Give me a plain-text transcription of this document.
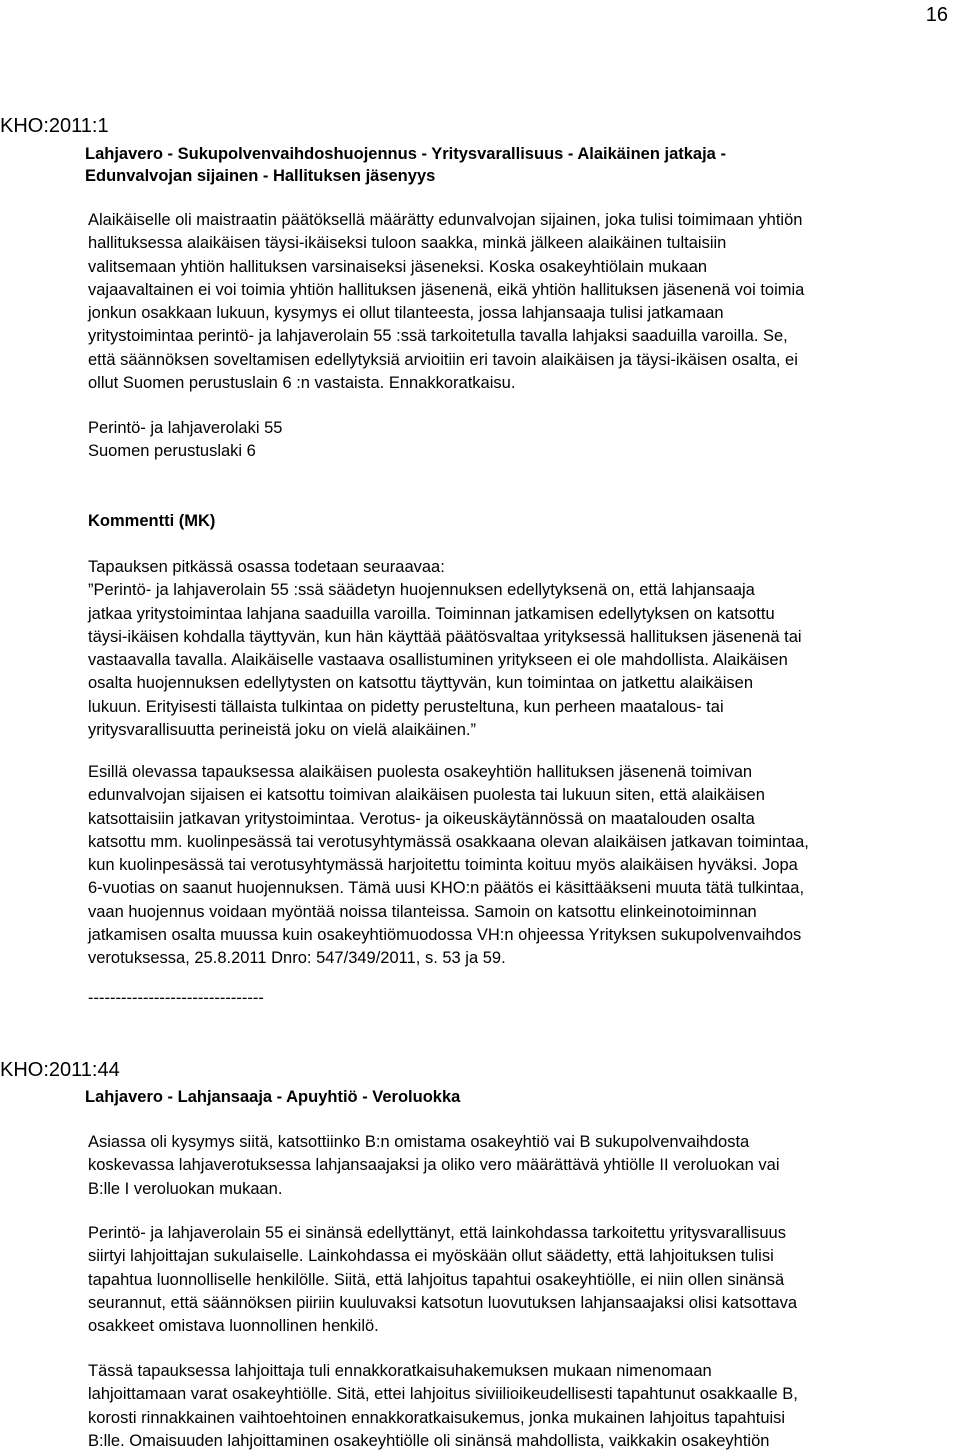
16
KHO:2011:1
Lahjavero - Sukupolvenvaihdoshuojennus - Yritysvarallisuus - Alaikäinen jatkaja -
Edunvalvojan sijainen - Hallituksen jäsenyys

Alaikäiselle oli maistraatin päätöksellä määrätty edunvalvojan sijainen, joka tulisi toimimaan yhtiön

hallituksessa alaikäisen täysi-ikäiseksi tuloon saakka, minkä jälkeen alaikäinen tultaisiin

valitsemaan yhtiön hallituksen varsinaiseksi jäseneksi. Koska osakeyhtiölain mukaan

vajaavaltainen ei voi toimia yhtiön hallituksen jäsenenä, eikä yhtiön hallituksen jäsenenä voi toimia

jonkun osakkaan lukuun, kysymys ei ollut tilanteesta, jossa lahjansaaja tulisi jatkamaan

yritystoimintaa perintö- ja lahjaverolain 55 :ssä tarkoitetulla tavalla lahjaksi saaduilla varoilla. Se,

että säännöksen soveltamisen edellytyksiä arvioitiin eri tavoin alaikäisen ja täysi-ikäisen osalta, ei

ollut Suomen perustuslain 6 :n vastaista. Ennakkoratkaisu.

Perintö- ja lahjaverolaki 55

Suomen perustuslaki 6

Kommentti (MK)

Tapauksen pitkässä osassa todetaan seuraavaa:

”Perintö- ja lahjaverolain 55 :ssä säädetyn huojennuksen edellytyksenä on, että lahjansaaja

jatkaa yritystoimintaa lahjana saaduilla varoilla. Toiminnan jatkamisen edellytyksen on katsottu

täysi-ikäisen kohdalla täyttyvän, kun hän käyttää päätösvaltaa yrityksessä hallituksen jäsenenä tai

vastaavalla tavalla. Alaikäiselle vastaava osallistuminen yritykseen ei ole mahdollista. Alaikäisen

osalta huojennuksen edellytysten on katsottu täyttyvän, kun toimintaa on jatkettu alaikäisen

lukuun. Erityisesti tällaista tulkintaa on pidetty perusteltuna, kun perheen maatalous- tai

yritysvarallisuutta perineistä joku on vielä alaikäinen.”

Esillä olevassa tapauksessa alaikäisen puolesta osakeyhtiön hallituksen jäsenenä toimivan

edunvalvojan sijaisen ei katsottu toimivan alaikäisen puolesta tai lukuun siten, että alaikäisen

katsottaisiin jatkavan yritystoimintaa. Verotus- ja oikeuskäytännössä on maatalouden osalta

katsottu mm. kuolinpesässä tai verotusyhtymässä osakkaana olevan alaikäisen jatkavan toimintaa,

kun kuolinpesässä tai verotusyhtymässä harjoitettu toiminta koituu myös alaikäisen hyväksi. Jopa

6-vuotias on saanut huojennuksen. Tämä uusi KHO:n päätös ei käsittääkseni muuta tätä tulkintaa,

vaan huojennus voidaan myöntää noissa tilanteissa. Samoin on katsottu elinkeinotoiminnan

jatkamisen osalta muussa kuin osakeyhtiömuodossa VH:n ohjeessa Yrityksen sukupolvenvaihdos

verotuksessa, 25.8.2011 Dnro: 547/349/2011, s. 53 ja 59.

--------------------------------
KHO:2011:44
Lahjavero - Lahjansaaja - Apuyhtiö - Veroluokka

Asiassa oli kysymys siitä, katsottiinko B:n omistama osakeyhtiö vai B sukupolvenvaihdosta

koskevassa lahjaverotuksessa lahjansaajaksi ja oliko vero määrättävä yhtiölle II veroluokan vai

B:lle I veroluokan mukaan.

Perintö- ja lahjaverolain 55 ei sinänsä edellyttänyt, että lainkohdassa tarkoitettu yritysvarallisuus

siirtyi lahjoittajan sukulaiselle. Lainkohdassa ei myöskään ollut säädetty, että lahjoituksen tulisi

tapahtua luonnolliselle henkilölle. Siitä, että lahjoitus tapahtui osakeyhtiölle, ei niin ollen sinänsä

seurannut, että säännöksen piiriin kuuluvaksi katsotun luovutuksen lahjansaajaksi olisi katsottava

osakkeet omistava luonnollinen henkilö.

Tässä tapauksessa lahjoittaja tuli ennakkoratkaisuhakemuksen mukaan nimenomaan

lahjoittamaan varat osakeyhtiölle. Sitä, ettei lahjoitus siviilioikeudellisesti tapahtunut osakkaalle B,

korosti rinnakkainen vaihtoehtoinen ennakkoratkaisukemus, jonka mukainen lahjoitus tapahtuisi

B:lle. Omaisuuden lahjoittaminen osakeyhtiölle oli sinänsä mahdollista, vaikkakin osakeyhtiön
